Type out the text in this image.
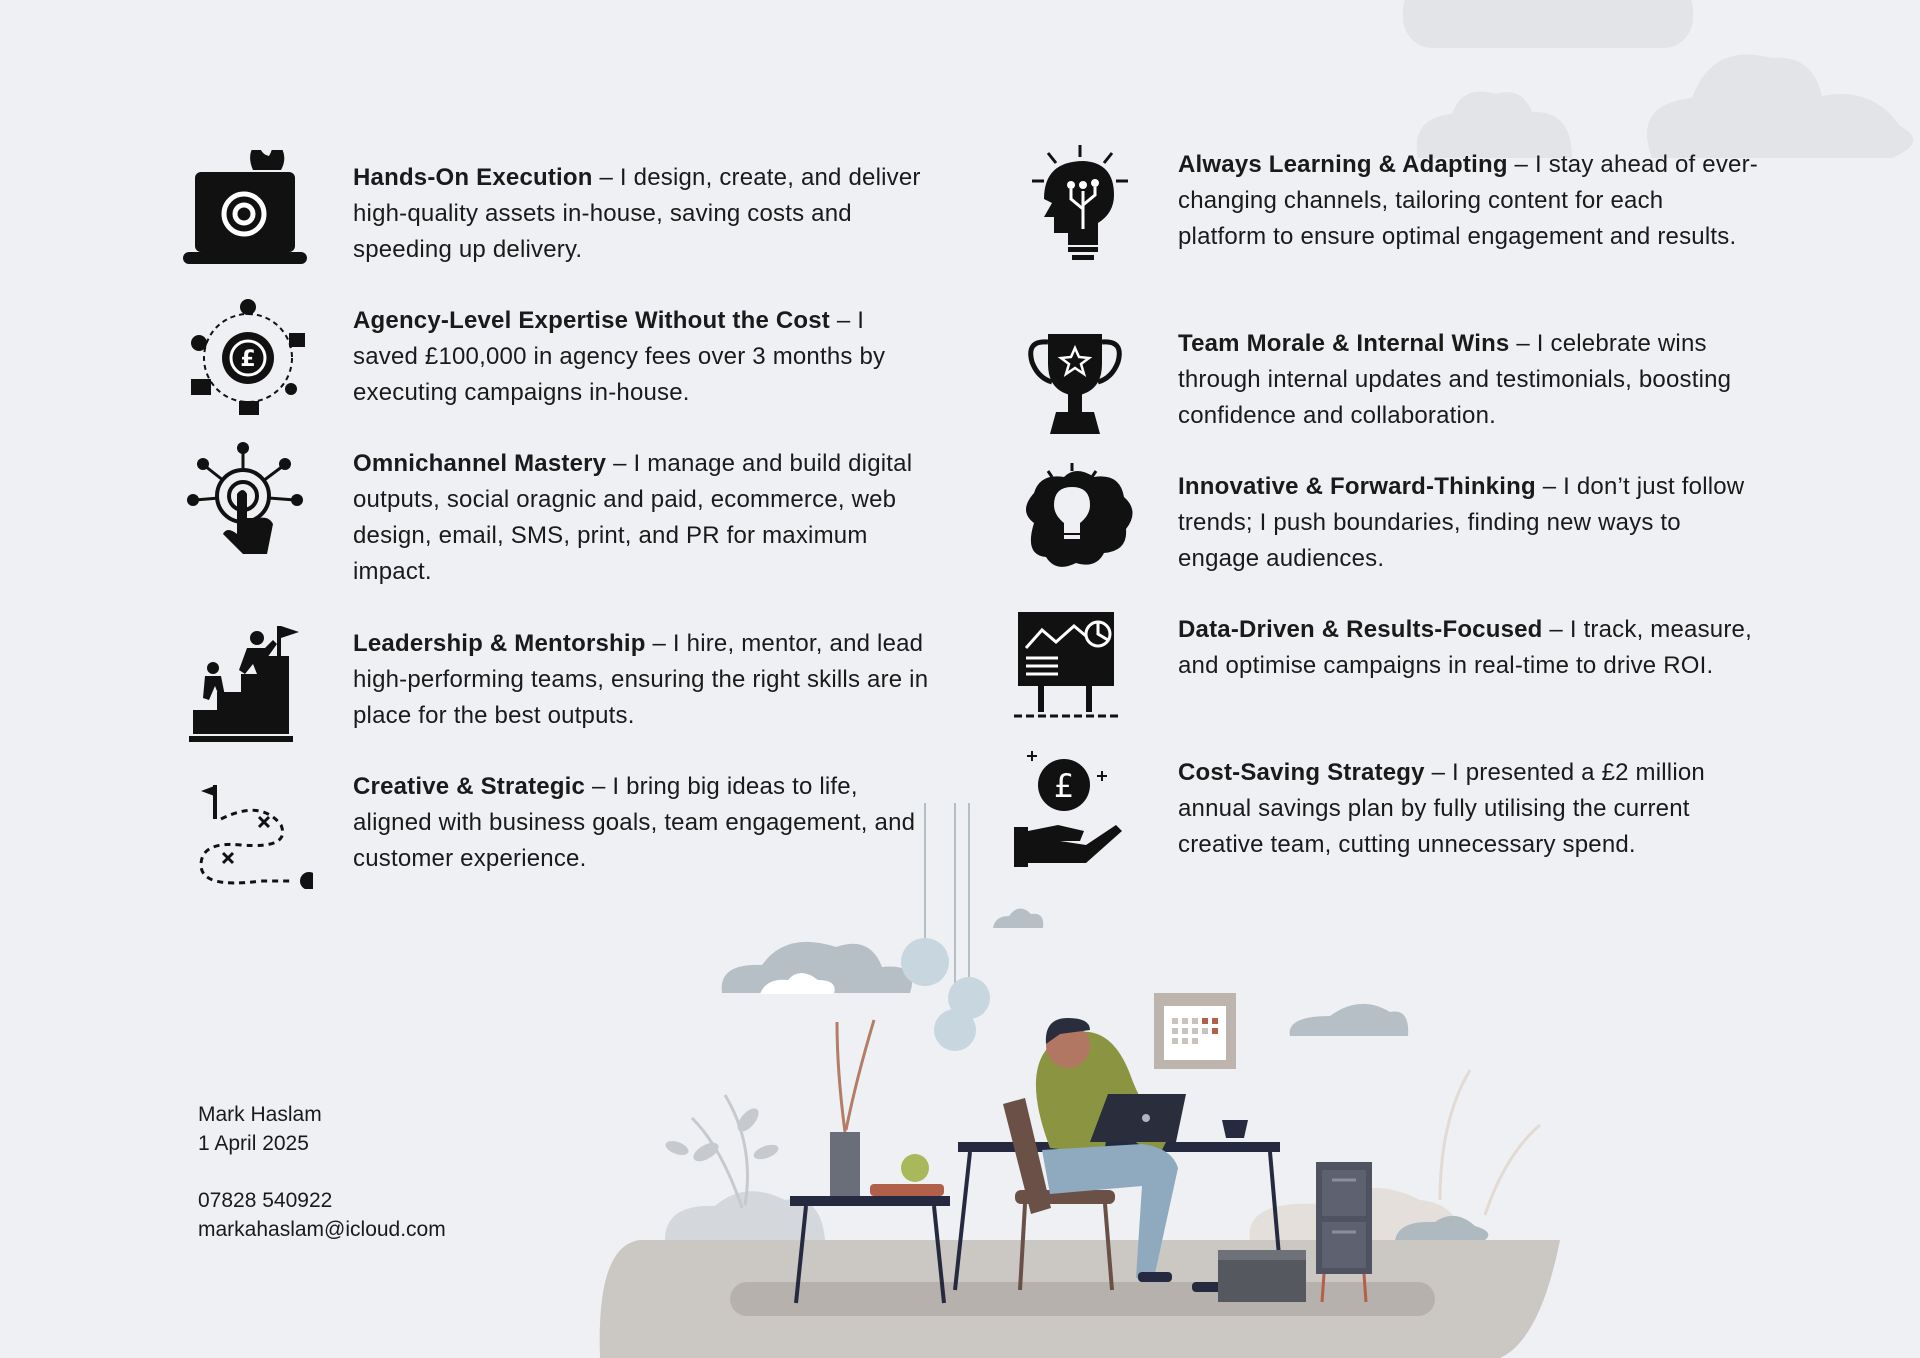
Hands-On Execution – I design, create, and deliver high-quality assets in-house, saving costs and speeding up delivery.

£

Agency-Level Expertise Without the Cost – I saved £100,000 in agency fees over 3 months by executing campaigns in-house.

Omnichannel Mastery – I manage and build digital outputs, social oragnic and paid, ecommerce, web design, email, SMS, print, and PR for maximum impact.

Leadership & Mentorship – I hire, mentor, and lead high-performing teams, ensuring the right skills are in place for the best outputs.

Creative & Strategic – I bring big ideas to life, aligned with business goals, team engagement, and customer experience.

Always Learning & Adapting – I stay ahead of ever-changing channels, tailoring content for each platform to ensure optimal engagement and results.

Team Morale & Internal Wins – I celebrate wins through internal updates and testimonials, boosting confidence and collaboration.

Innovative & Forward-Thinking – I don’t just follow trends; I push boundaries, finding new ways to engage audiences.

Data-Driven & Results-Focused – I track, measure, and optimise campaigns in real-time to drive ROI.

£	Cost-Saving Strategy – I presented a £2 million annual savings plan by fully utilising the current creative team, cutting unnecessary spend.

Mark Haslam
1 April 2025
07828 540922
markahaslam@icloud.com
